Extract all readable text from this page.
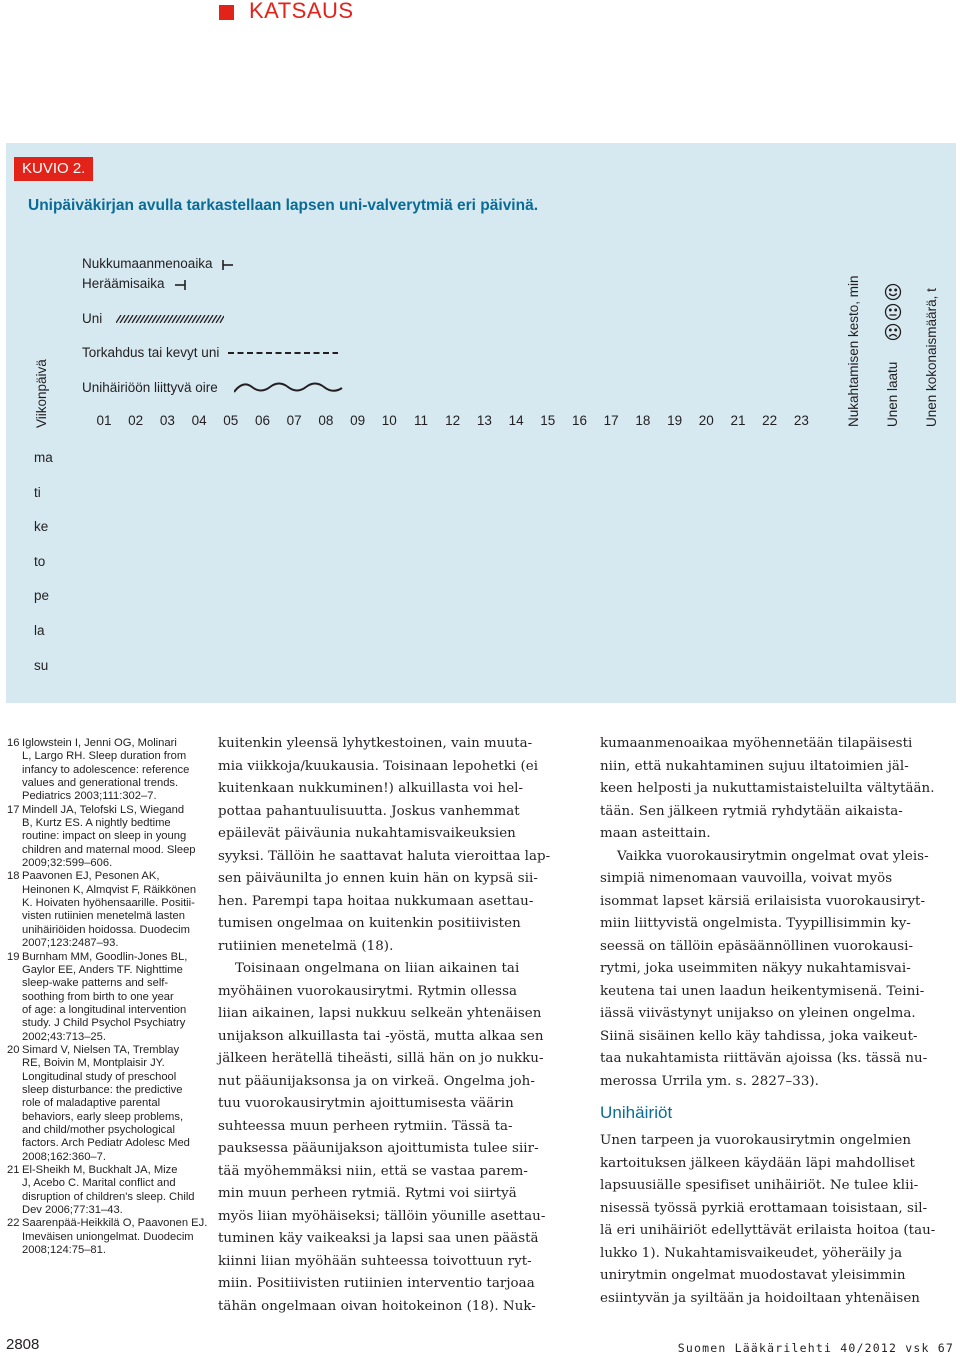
KATSAUS
KUVIO 2.
Unipäiväkirjan avulla tarkastellaan lapsen uni-valverytmiä eri päivinä.
Viikonpäivä
Nukkumaanmenoaika
Heräämisaika
Uni
Torkahdus tai kevyt uni
Unihäiriöön liittyvä oire	Nukahtamisen kesto, min Unen laatu Unen kokonaismäärä, t
01	02	03	04	05	06	07	08	09	10	11	12	13	14	15	16	17	18	19	20	21	22	23
ma
ti
ke
to
pe
la
su
16 Iglowstein I, Jenni OG, Molinari
L, Largo RH. Sleep duration from
infancy to adolescence: reference
values and generational trends.
Pediatrics 2003;111:302–7.
17 Mindell JA, Telofski LS, Wiegand
B, Kurtz ES. A nightly bedtime
routine: impact on sleep in young
children and maternal mood. Sleep
2009;32:599–606.
18 Paavonen EJ, Pesonen AK,
Heinonen K, Almqvist F, Räikkönen
K. Hoivaten hyöhensaarille. Positii-
visten rutiinien menetelmä lasten
unihäiriöiden hoidossa. Duodecim
2007;123:2487–93.
19 Burnham MM, Goodlin-Jones BL,
Gaylor EE, Anders TF. Nighttime
sleep-wake patterns and self-
soothing from birth to one year
of age: a longitudinal intervention
study. J Child Psychol Psychiatry
2002;43:713–25.
20 Simard V, Nielsen TA, Tremblay
RE, Boivin M, Montplaisir JY.
Longitudinal study of preschool
sleep disturbance: the predictive
role of maladaptive parental
behaviors, early sleep problems,
and child/mother psychological
factors. Arch Pediatr Adolesc Med
2008;162:360–7.
21 El-Sheikh M, Buckhalt JA, Mize
J, Acebo C. Marital conflict and
disruption of children's sleep. Child
Dev 2006;77:31–43.
22 Saarenpää-Heikkilä O, Paavonen EJ.
Imeväisen uniongelmat. Duodecim
2008;124:75–81.
kuitenkin yleensä lyhytkestoinen, vain muuta-
mia viikkoja/kuukausia. Toisinaan lepohetki (ei
kuitenkaan nukkuminen!) alkuillasta voi hel-
pottaa pahantuulisuutta. Joskus vanhemmat
epäilevät päiväunia nukahtamisvaikeuksien
syyksi. Tällöin he saattavat haluta vieroittaa lap-
sen päiväunilta jo ennen kuin hän on kypsä sii-
hen. Parempi tapa hoitaa nukkumaan asettau-
tumisen ongelmaa on kuitenkin positiivisten
rutiinien menetelmä (18).
Toisinaan ongelmana on liian aikainen tai
myöhäinen vuorokausirytmi. Rytmin ollessa
liian aikainen, lapsi nukkuu selkeän yhtenäisen
unijakson alkuillasta tai -yöstä, mutta alkaa sen
jälkeen herätellä tiheästi, sillä hän on jo nukku-
nut pääunijaksonsa ja on virkeä. Ongelma joh-
tuu vuorokausirytmin ajoittumisesta väärin
suhteessa muun perheen rytmiin. Tässä ta-
pauksessa pääunijakson ajoittumista tulee siir-
tää myöhemmäksi niin, että se vastaa parem-
min muun perheen rytmiä. Rytmi voi siirtyä
myös liian myöhäiseksi; tällöin yöunille asettau-
tuminen käy vaikeaksi ja lapsi saa unen päästä
kiinni liian myöhään suhteessa toivottuun ryt-
miin. Positiivisten rutiinien interventio tarjoaa
tähän ongelmaan oivan hoitokeinon (18). Nuk-
kumaanmenoaikaa myöhennetään tilapäisesti
niin, että nukahtaminen sujuu iltatoimien jäl-
keen helposti ja nukuttamistaisteluilta vältytään.
tään. Sen jälkeen rytmiä ryhdytään aikaista-
maan asteittain.
Vaikka vuorokausirytmin ongelmat ovat yleis-
simpiä nimenomaan vauvoilla, voivat myös
isommat lapset kärsiä erilaisista vuorokausiryt-
miin liittyvistä ongelmista. Tyypillisimmin ky-
seessä on tällöin epäsäännöllinen vuorokausi-
rytmi, joka useimmiten näkyy nukahtamisvai-
keutena tai unen laadun heikentymisenä. Teini-
iässä viivästynyt unijakso on yleinen ongelma.
Siinä sisäinen kello käy tahdissa, joka vaikeut-
taa nukahtamista riittävän ajoissa (ks. tässä nu-
merossa Urrila ym. s. 2827–33).
Unihäiriöt
Unen tarpeen ja vuorokausirytmin ongelmien
kartoituksen jälkeen käydään läpi mahdolliset
lapsuusiälle spesifiset unihäiriöt. Ne tulee klii-
nisessä työssä pyrkiä erottamaan toisistaan, sil-
lä eri unihäiriöt edellyttävät erilaista hoitoa (tau-
lukko 1). Nukahtamisvaikeudet, yöheräily ja
unirytmin ongelmat muodostavat yleisimmin
esiintyvän ja syiltään ja hoidoiltaan yhtenäisen
2808	Suomen Lääkärilehti 40/2012 vsk 67
